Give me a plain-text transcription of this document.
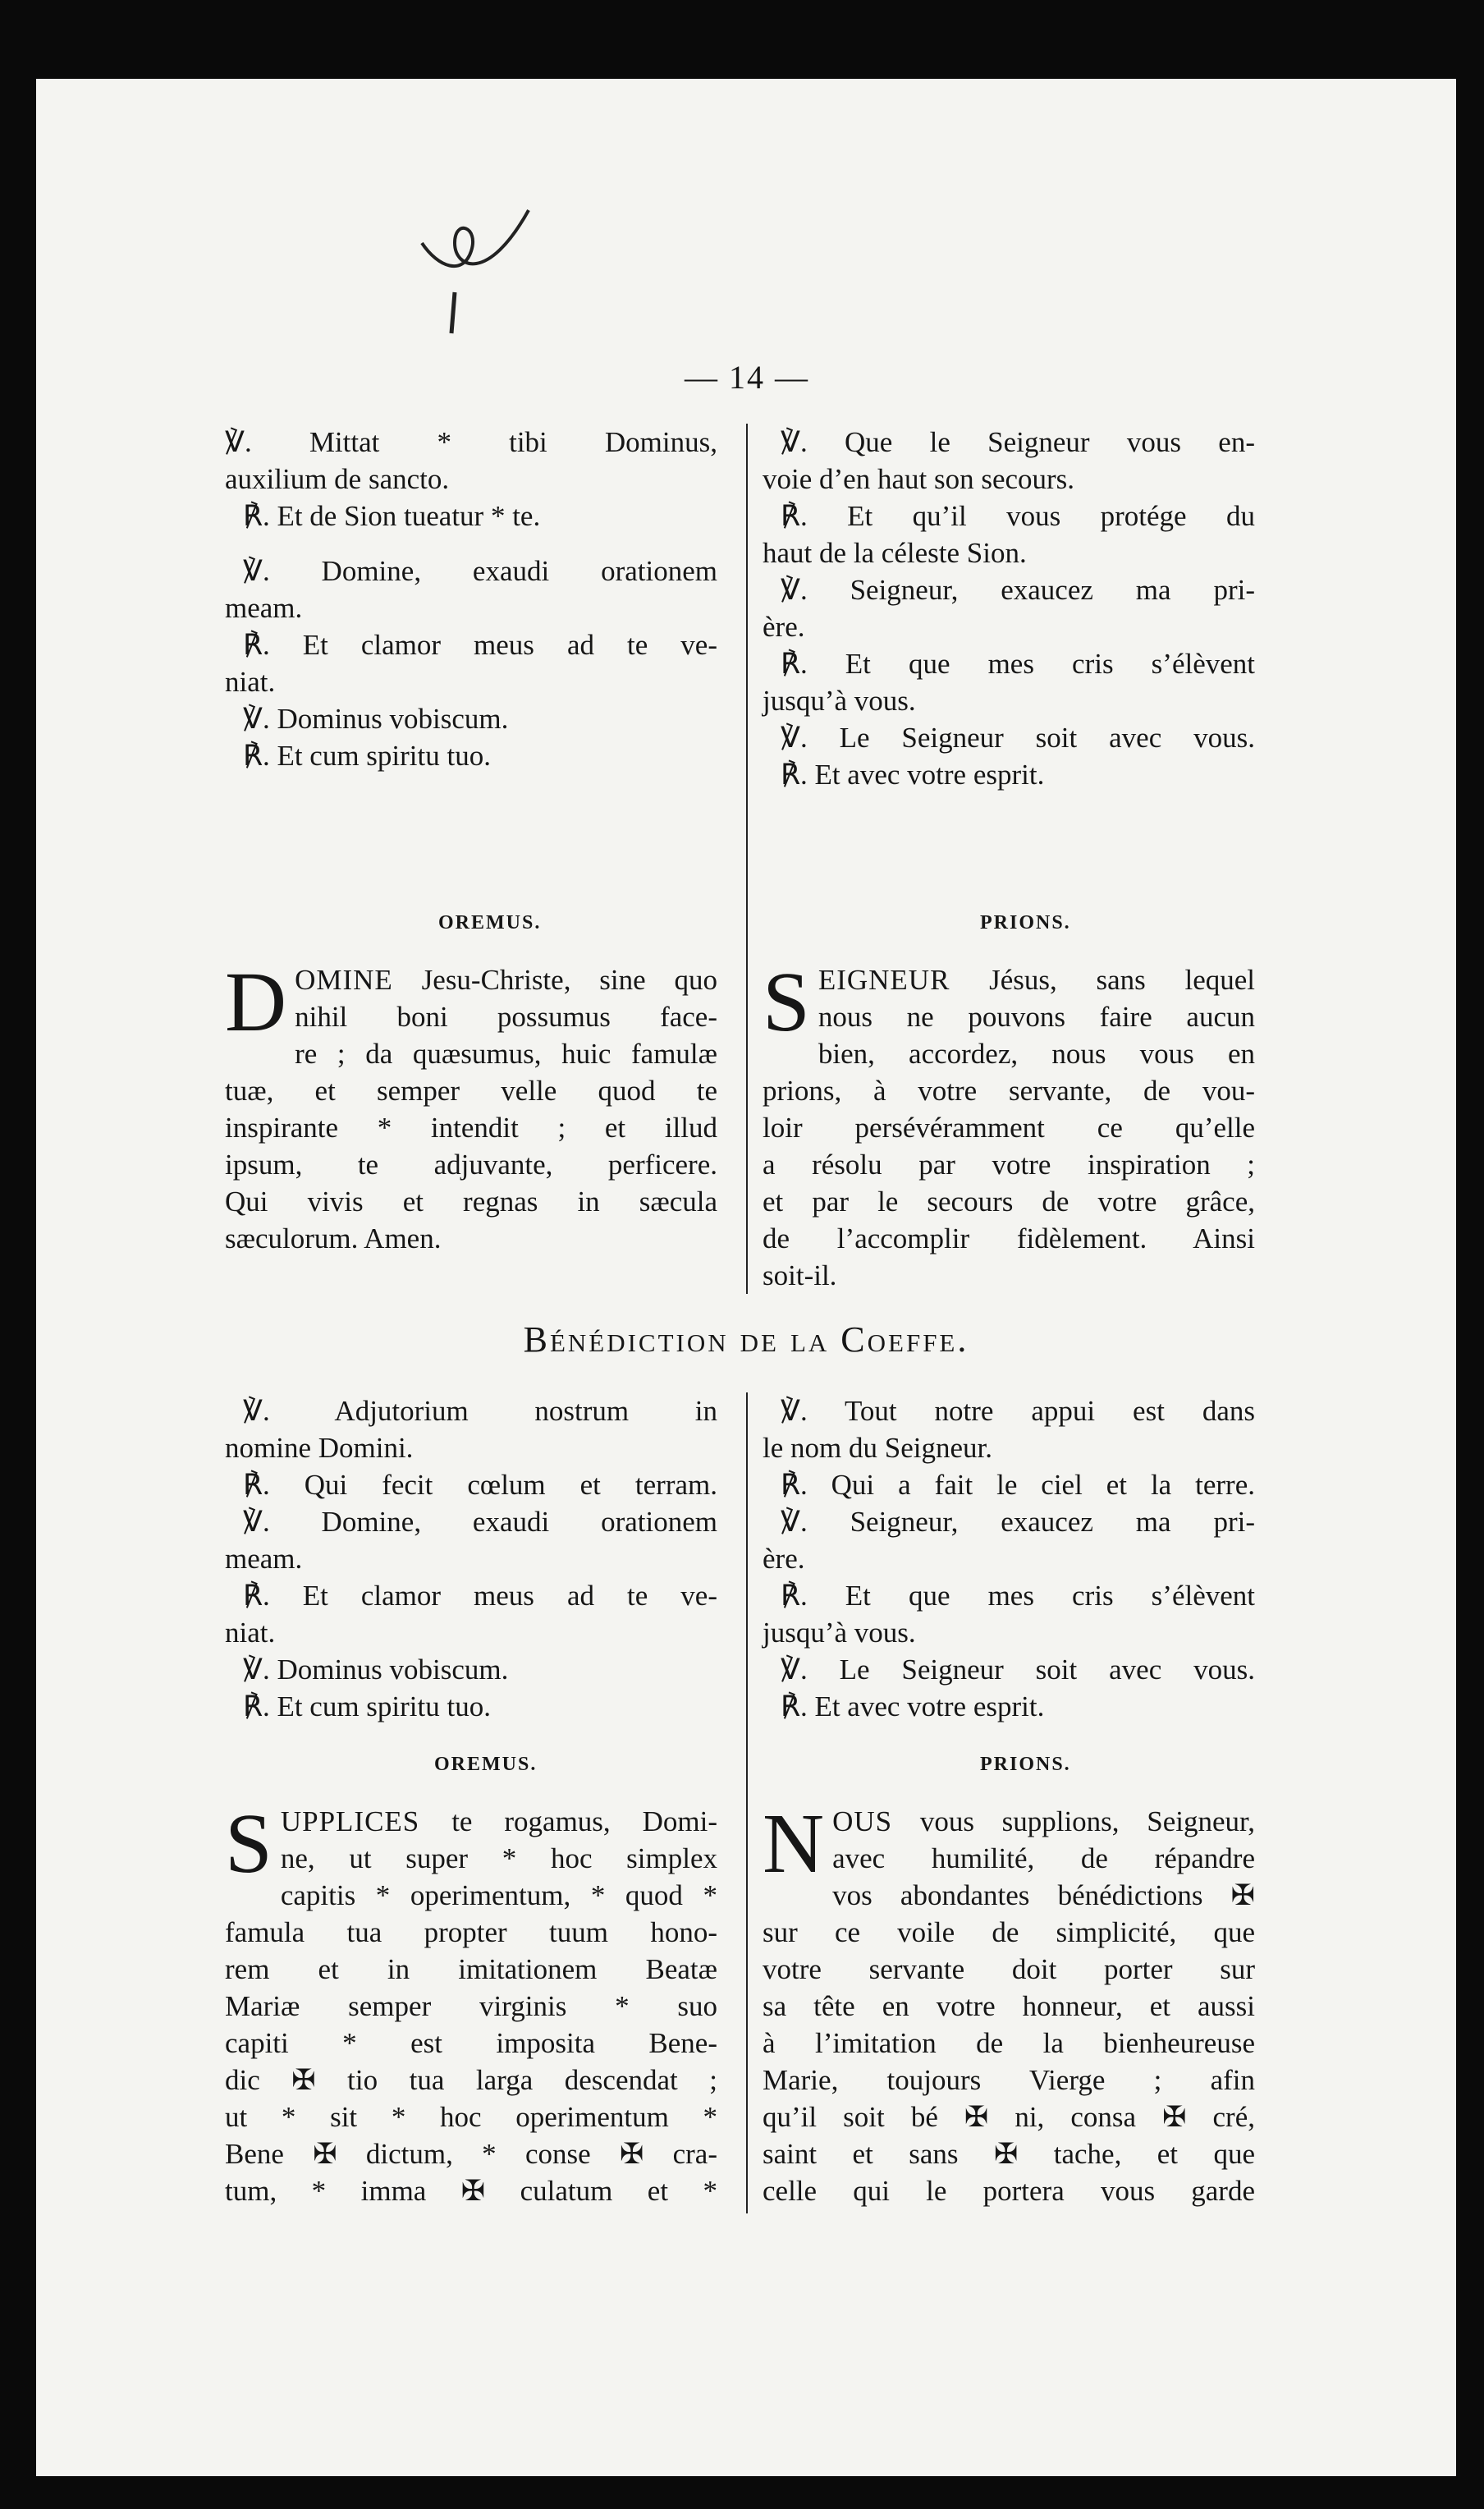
— 14 —
℣. Mittat * tibi Dominus,
auxilium de sancto.
℟. Et de Sion tueatur * te.
℣. Domine, exaudi orationem
meam.
℟. Et clamor meus ad te ve-
niat.
℣. Dominus vobiscum.
℟. Et cum spiritu tuo.
℣. Que le Seigneur vous en-
voie d’en haut son secours.
℟. Et qu’il vous protége du
haut de la céleste Sion.
℣. Seigneur, exaucez ma pri-
ère.
℟. Et que mes cris s’élèvent
jusqu’à vous.
℣. Le Seigneur soit avec vous.
℟. Et avec votre esprit.
OREMUS.	PRIONS.
D OMINE Jesu-Christe, sine quo
nihil boni possumus face-
re ; da quæsumus, huic famulæ
tuæ, et semper velle quod te
inspirante * intendit ; et illud
ipsum, te adjuvante, perficere.
Qui vivis et regnas in sæcula
sæculorum. Amen.
S EIGNEUR Jésus, sans lequel
nous ne pouvons faire aucun
bien, accordez, nous vous en
prions, à votre servante, de vou-
loir persévéramment ce qu’elle
a résolu par votre inspiration ;
et par le secours de votre grâce,
de l’accomplir fidèlement. Ainsi
soit-il.
Bénédiction de la Coeffe.
℣. Adjutorium nostrum in
nomine Domini.
℟. Qui fecit cœlum et terram.
℣. Domine, exaudi orationem
meam.
℟. Et clamor meus ad te ve-
niat.
℣. Dominus vobiscum.
℟. Et cum spiritu tuo.
℣. Tout notre appui est dans
le nom du Seigneur.
℟. Qui a fait le ciel et la terre.
℣. Seigneur, exaucez ma pri-
ère.
℟. Et que mes cris s’élèvent
jusqu’à vous.
℣. Le Seigneur soit avec vous.
℟. Et avec votre esprit.
OREMUS.	PRIONS.
S UPPLICES te rogamus, Domi-
ne, ut super * hoc simplex
capitis * operimentum, * quod *
famula tua propter tuum hono-
rem et in imitationem Beatæ
Mariæ semper virginis * suo
capiti * est imposita Bene-
dic ✠ tio tua larga descendat ;
ut * sit * hoc operimentum *
Bene ✠ dictum, * conse ✠ cra-
tum, * imma ✠ culatum et *
N OUS vous supplions, Seigneur,
avec humilité, de répandre
vos abondantes bénédictions ✠
sur ce voile de simplicité, que
votre servante doit porter sur
sa tête en votre honneur, et aussi
à l’imitation de la bienheureuse
Marie, toujours Vierge ; afin
qu’il soit bé ✠ ni, consa ✠ cré,
saint et sans ✠ tache, et que
celle qui le portera vous garde
